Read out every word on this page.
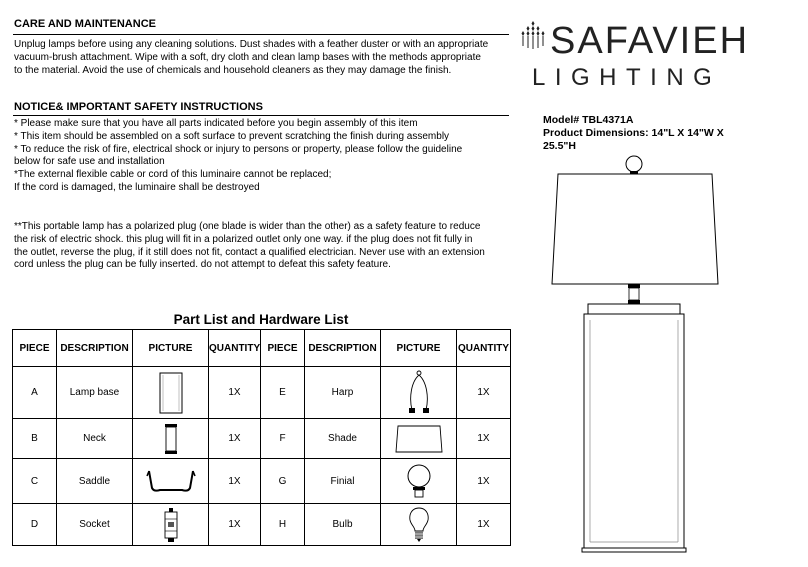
CARE AND MAINTENANCE
Unplug lamps before using any cleaning solutions. Dust shades with a feather duster or with an appropriate
vacuum-brush attachment. Wipe with a soft, dry cloth and clean lamp bases with the methods appropriate
to the material. Avoid the use of chemicals and household cleaners as they may damage the finish.
NOTICE& IMPORTANT SAFETY INSTRUCTIONS
* Please make sure that you have all parts indicated before you begin assembly of this item
* This item should be assembled on a soft surface to prevent scratching the finish during assembly
* To reduce the risk of fire, electrical shock or injury to persons or property, please follow the guideline
below for safe use and installation
*The external flexible cable or cord of this luminaire cannot be replaced;
If the cord is damaged, the luminaire shall be destroyed
**This portable lamp has a polarized plug (one blade is wider than the other) as a safety feature to reduce
the risk of electric shock. this plug will fit in a polarized outlet only one way. if the plug does not fit fully in
the outlet, reverse the plug, if it still does not fit, contact a qualified electrician. Never use with an extension
cord unless the plug can be fully inserted. do not attempt to defeat this safety feature.
Part List and Hardware List
PIECE	DESCRIPTION	PICTURE	QUANTITY	PIECE	DESCRIPTION	PICTURE	QUANTITY
A	Lamp base		1X	E	Harp		1X
B	Neck		1X	F	Shade		1X
C	Saddle		1X	G	Finial		1X
D	Socket		1X	H	Bulb		1X
SAFAVIEH
LIGHTING
Model# TBL4371A
Product Dimensions: 14"L X 14"W X
25.5"H
